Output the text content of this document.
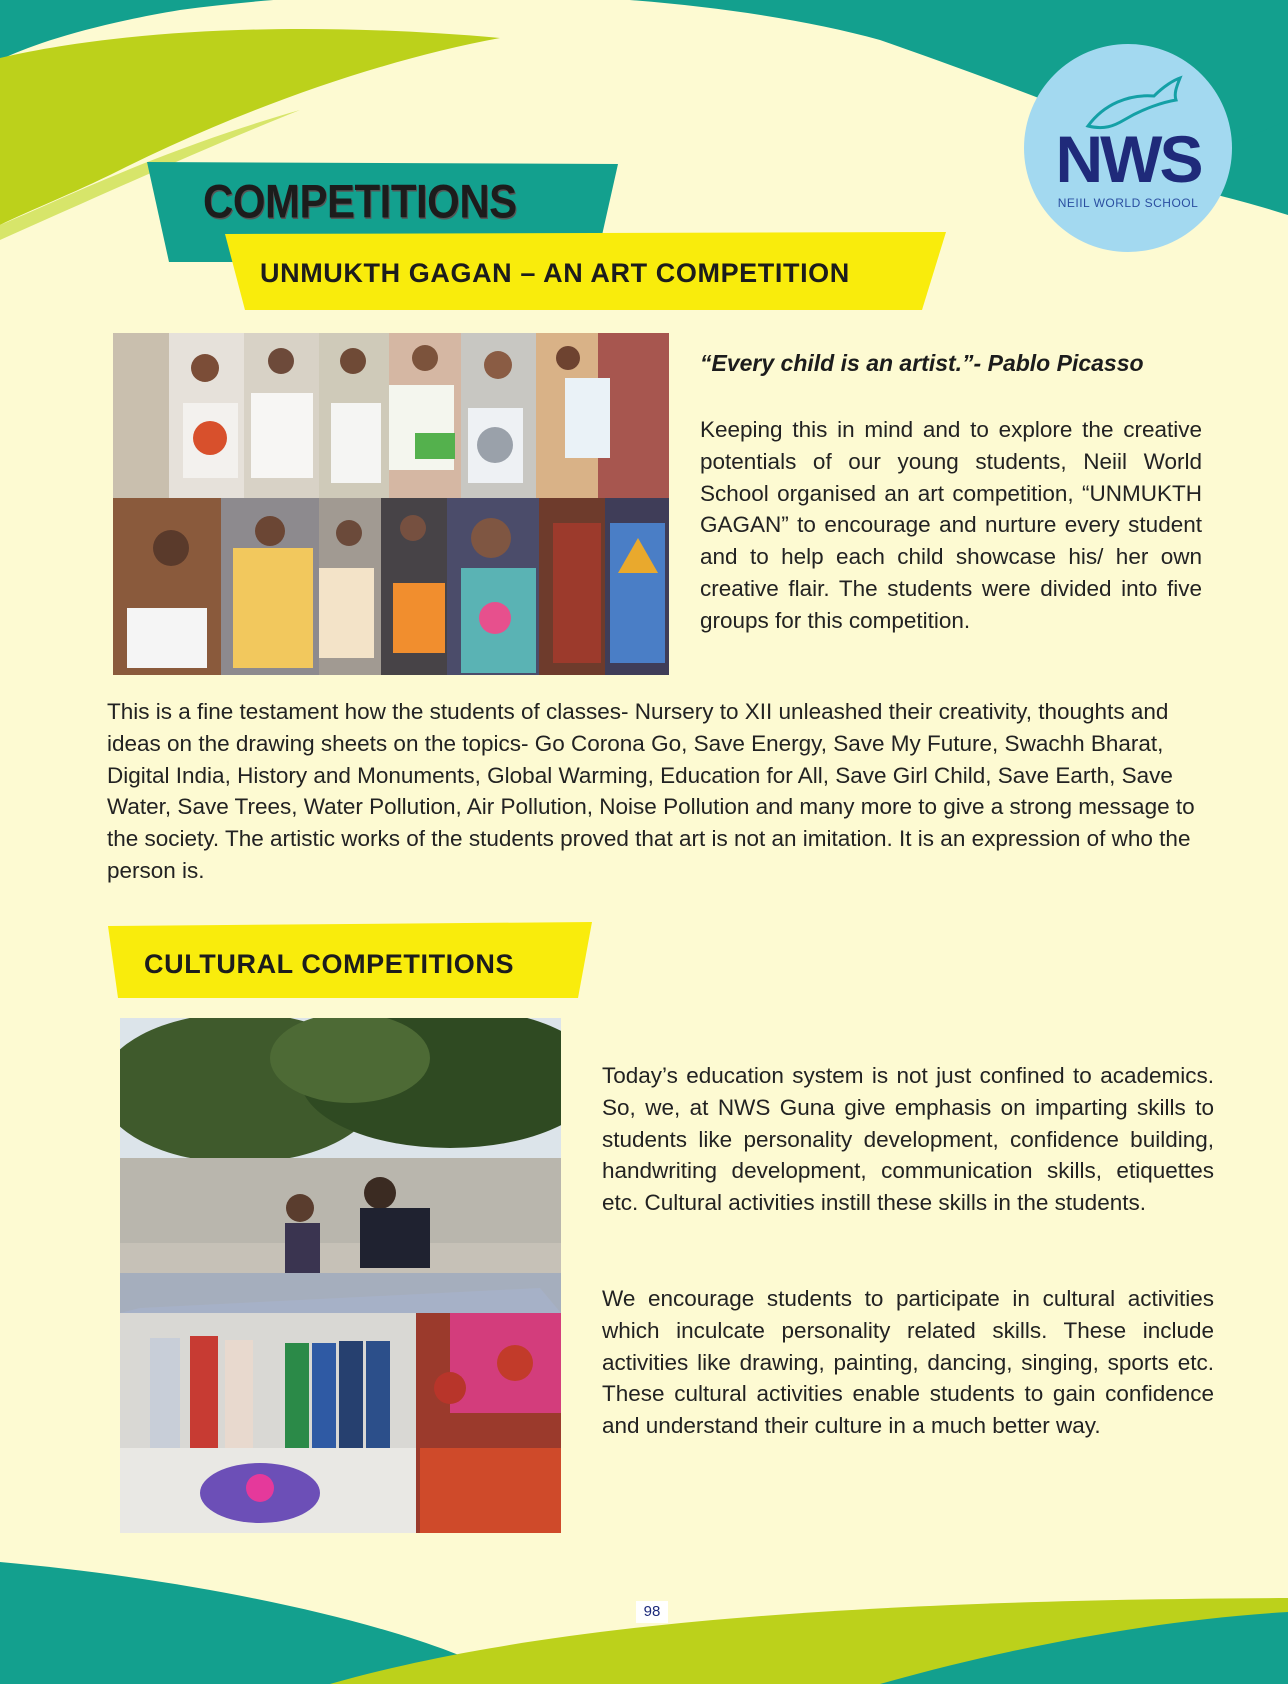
NWS
NEIIL WORLD SCHOOL
COMPETITIONS
UNMUKTH GAGAN – AN ART COMPETITION
“Every child is an artist.”- Pablo Picasso
Keeping this in mind and to explore the creative potentials of our young students, Neiil World School organised an art competition, “UNMUKTH GAGAN” to encourage and nurture every student and to help each child showcase his/ her own creative flair. The students were divided into five groups for this competition.
This is a fine testament how the students of classes- Nursery to XII unleashed their creativity, thoughts and ideas on the drawing sheets on the topics- Go Corona Go, Save Energy, Save My Future, Swachh Bharat, Digital India, History and Monuments, Global Warming, Education for All, Save Girl Child, Save Earth, Save Water, Save Trees, Water Pollution, Air Pollution, Noise Pollution and many more to give a strong message to the society. The artistic works of the students proved that art is not an imitation. It is an expression of who the person is.
CULTURAL COMPETITIONS
Today’s education system is not just confined to academics. So, we, at NWS Guna give emphasis on imparting skills to students like personality development, confidence building, handwriting development, communication skills, etiquettes etc. Cultural activities instill these skills in the students.
We encourage students to participate in cultural activities which inculcate personality related skills. These include activities like drawing, painting, dancing, singing, sports etc. These cultural activities enable students to gain confidence and understand their culture in a much better way.
98
